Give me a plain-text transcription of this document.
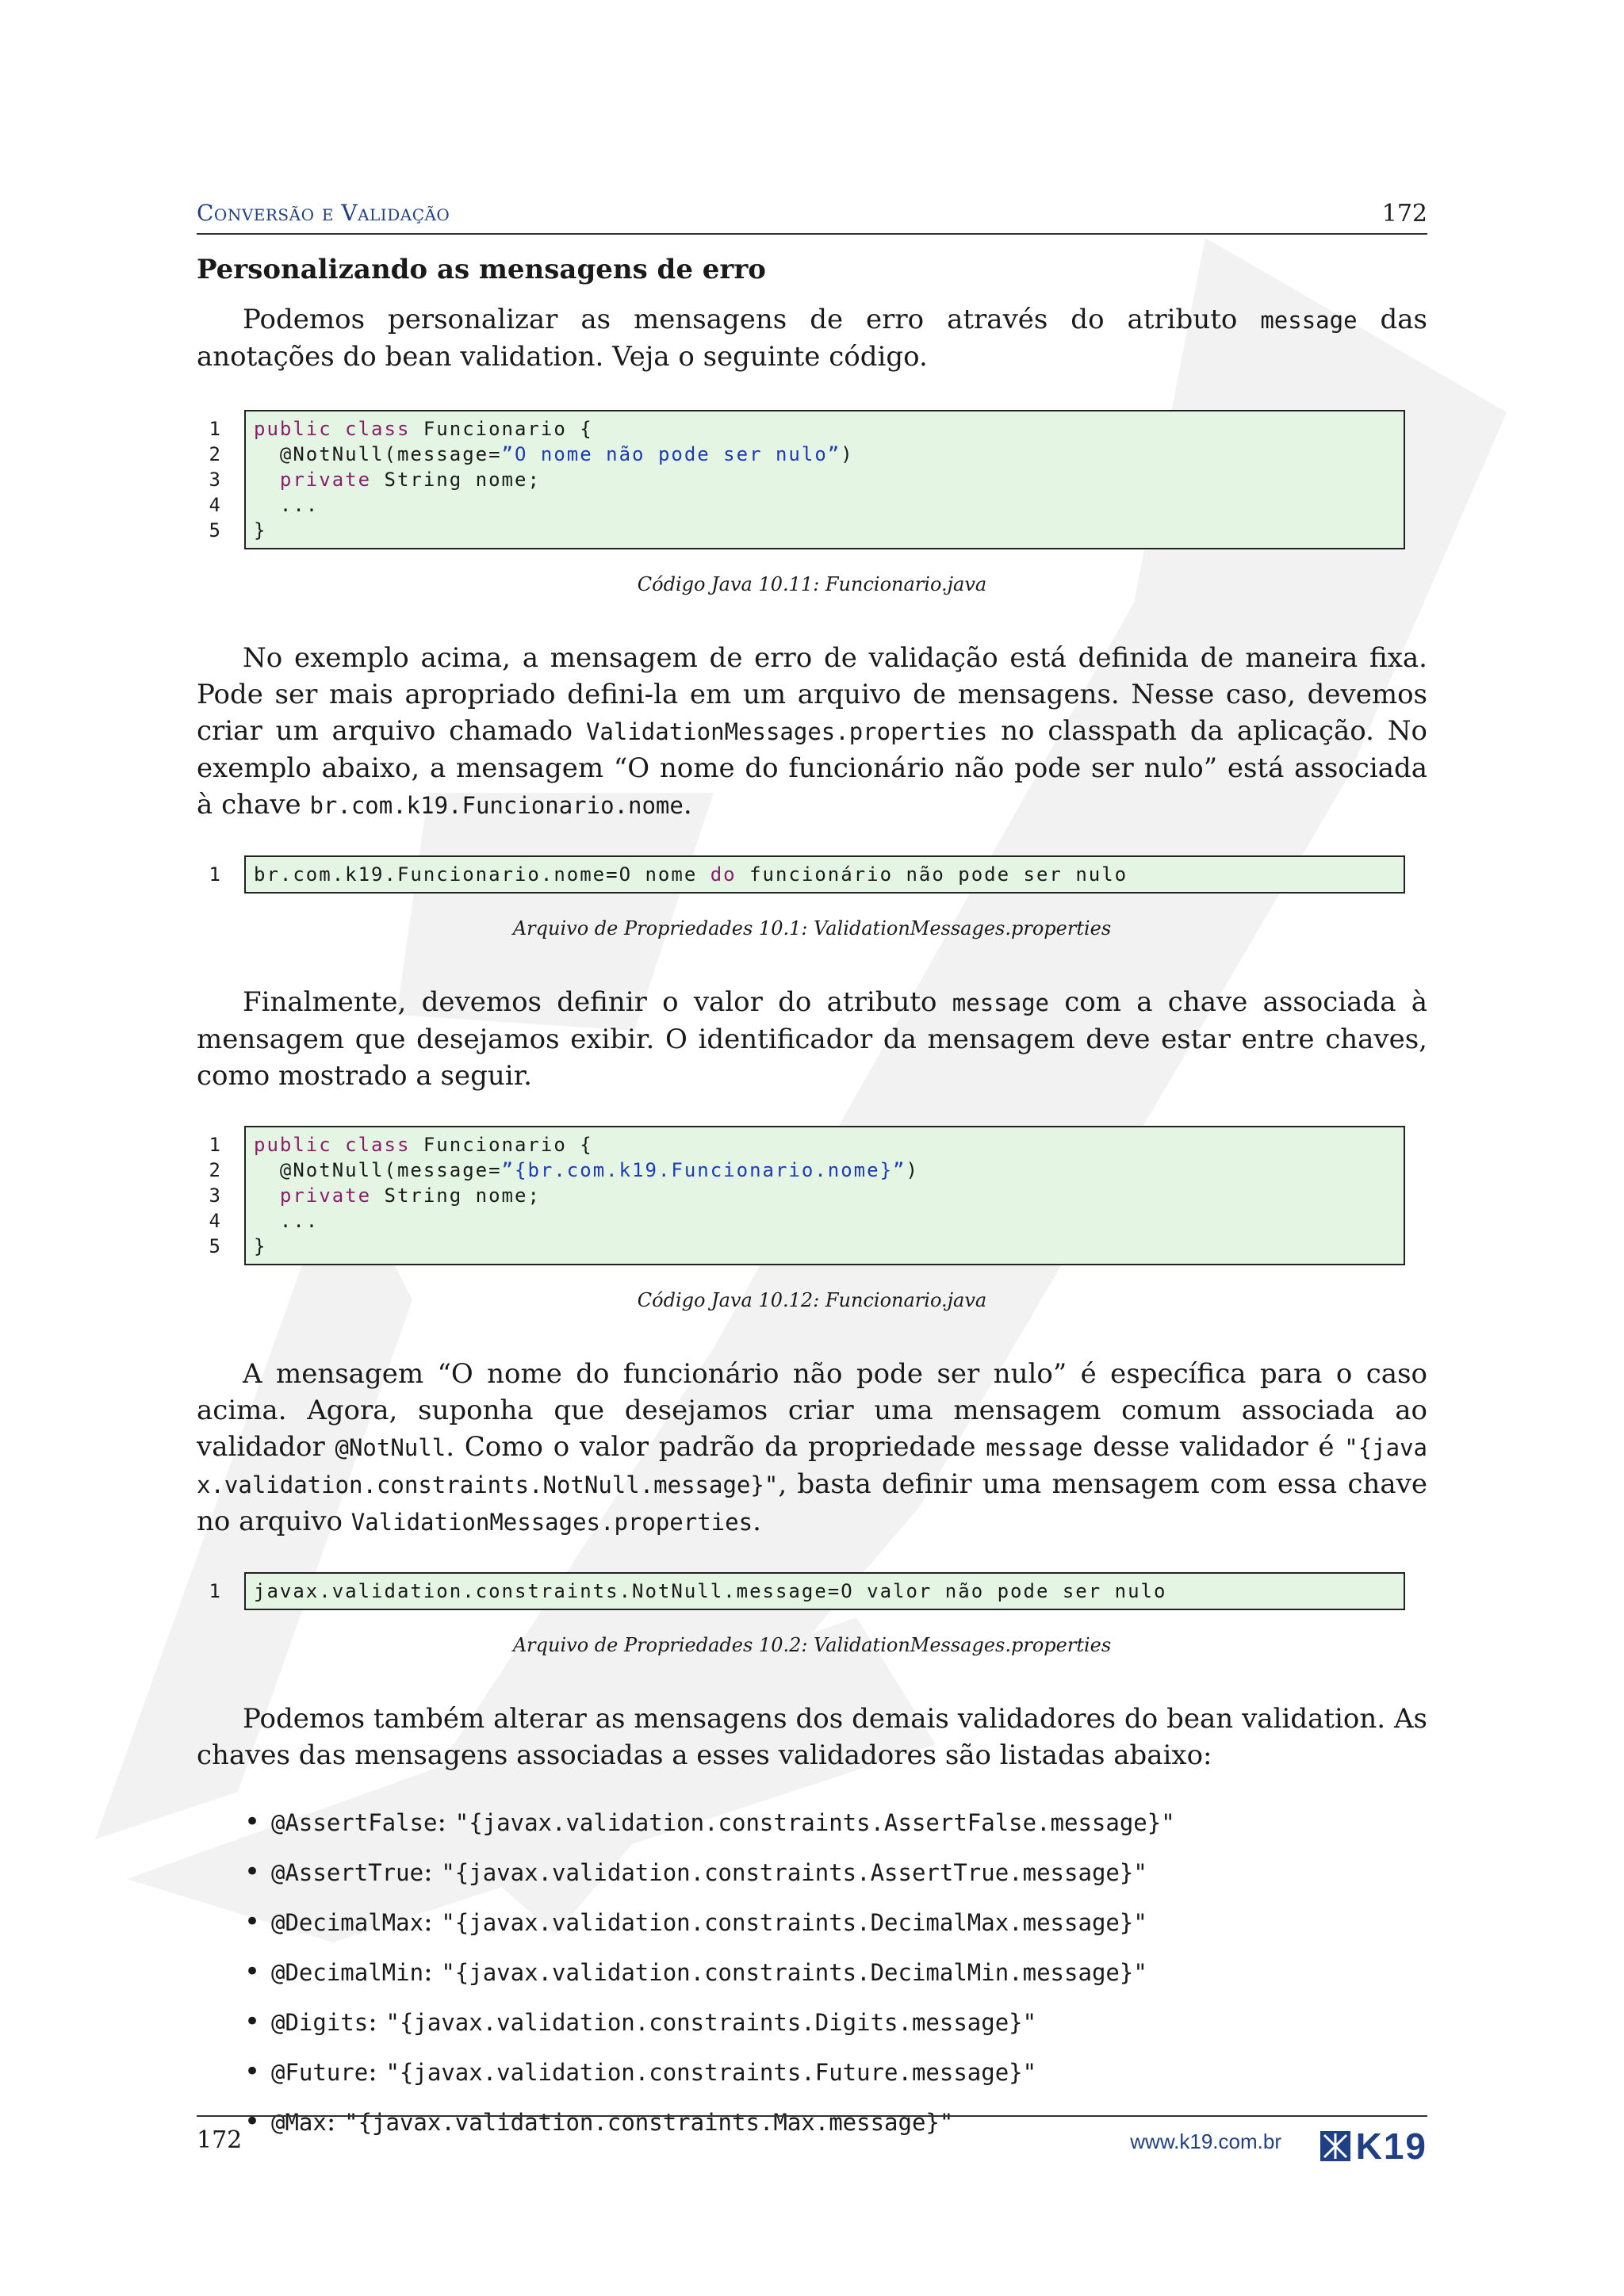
Conversão e Validação	172
Personalizando as mensagens de erro

Podemos personalizar as mensagens de erro através do atributo message das anotações do bean validation. Veja o seguinte código.

1
2
3
4
5
public class Funcionario {
@NotNull(message=”O nome não pode ser nulo”)
private String nome;
...
}
Código Java 10.11: Funcionario.java

No exemplo acima, a mensagem de erro de validação está definida de maneira fixa. Pode ser mais apropriado defini-la em um arquivo de mensagens. Nesse caso, devemos criar um arquivo chamado ValidationMessages.properties no classpath da aplicação. No exemplo abaixo, a mensagem “O nome do funcionário não pode ser nulo” está associada à chave br.com.k19.Funcionario.nome.

1 br.com.k19.Funcionario.nome=O nome do funcionário não pode ser nulo
Arquivo de Propriedades 10.1: ValidationMessages.properties

Finalmente, devemos definir o valor do atributo message com a chave associada à mensagem que desejamos exibir. O identificador da mensagem deve estar entre chaves, como mostrado a seguir.

1
2
3
4
5
public class Funcionario {
@NotNull(message=”{br.com.k19.Funcionario.nome}”)
private String nome;
...
}
Código Java 10.12: Funcionario.java

A mensagem “O nome do funcionário não pode ser nulo” é específica para o caso acima. Agora, suponha que desejamos criar uma mensagem comum associada ao validador @NotNull. Como o valor padrão da propriedade message desse validador é "{javax.validation.constraints.NotNull.message}", basta definir uma mensagem com essa chave no arquivo ValidationMessages.properties.

1 javax.validation.constraints.NotNull.message=O valor não pode ser nulo
Arquivo de Propriedades 10.2: ValidationMessages.properties

Podemos também alterar as mensagens dos demais validadores do bean validation. As chaves das mensagens associadas a esses validadores são listadas abaixo:

• @AssertFalse: "{javax.validation.constraints.AssertFalse.message}"
• @AssertTrue: "{javax.validation.constraints.AssertTrue.message}"
• @DecimalMax: "{javax.validation.constraints.DecimalMax.message}"
• @DecimalMin: "{javax.validation.constraints.DecimalMin.message}"
• @Digits: "{javax.validation.constraints.Digits.message}"
• @Future: "{javax.validation.constraints.Future.message}"
• @Max: "{javax.validation.constraints.Max.message}"
172	www.k19.com.br K19
